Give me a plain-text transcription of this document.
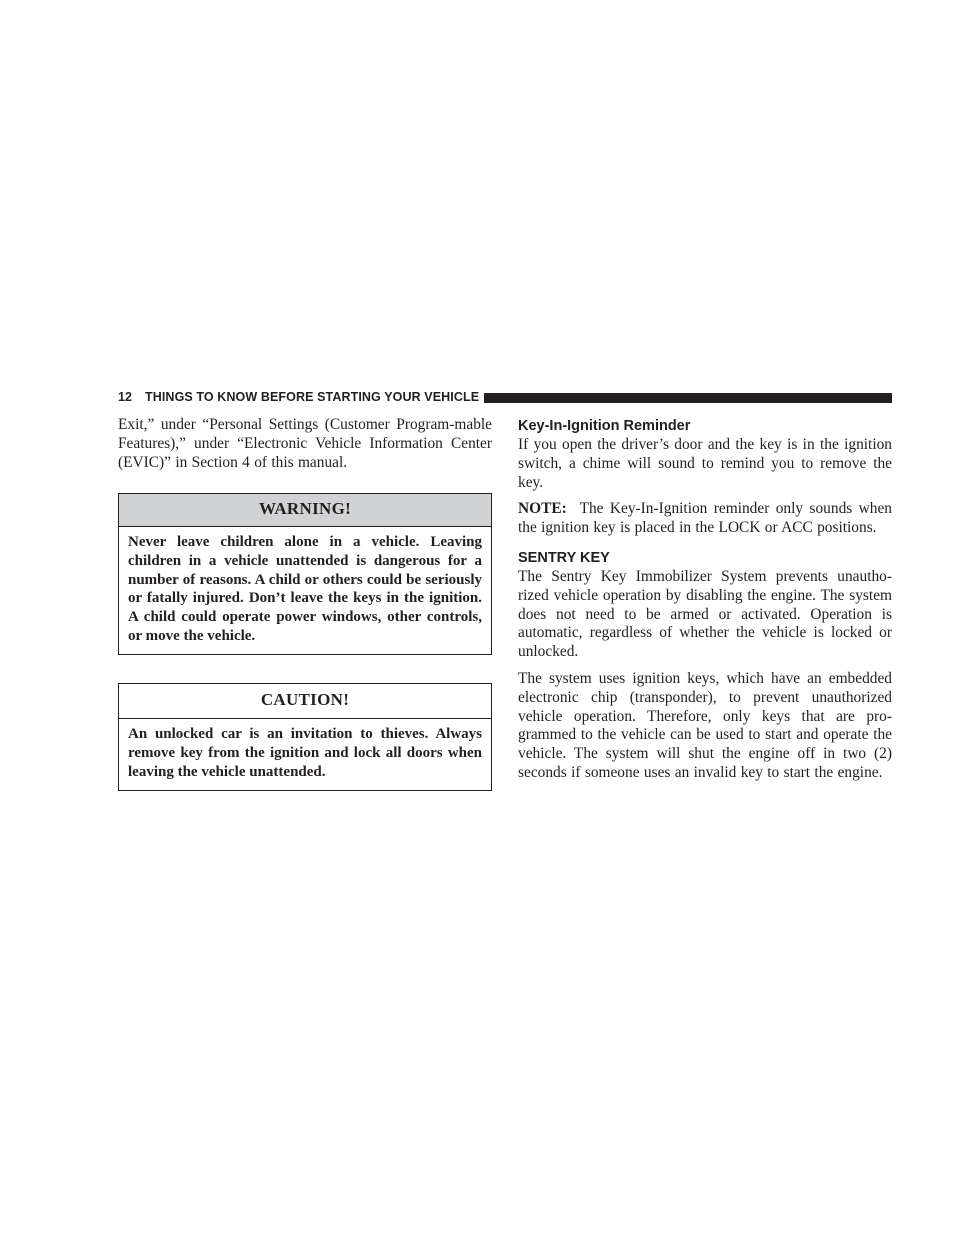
12 THINGS TO KNOW BEFORE STARTING YOUR VEHICLE

Exit,” under “Personal Settings (Customer Program-mable Features),” under “Electronic Vehicle Information Center (EVIC)” in Section 4 of this manual.

WARNING!
Never leave children alone in a vehicle. Leaving children in a vehicle unattended is dangerous for a number of reasons. A child or others could be seriously or fatally injured. Don’t leave the keys in the ignition. A child could operate power windows, other controls, or move the vehicle.
CAUTION!
An unlocked car is an invitation to thieves. Always remove key from the ignition and lock all doors when leaving the vehicle unattended.
Key-In-Ignition Reminder

If you open the driver’s door and the key is in the ignition switch, a chime will sound to remind you to remove the key.

NOTE: The Key-In-Ignition reminder only sounds when the ignition key is placed in the LOCK or ACC positions.

SENTRY KEY

The Sentry Key Immobilizer System prevents unautho-rized vehicle operation by disabling the engine. The system does not need to be armed or activated. Operation is automatic, regardless of whether the vehicle is locked or unlocked.

The system uses ignition keys, which have an embedded electronic chip (transponder), to prevent unauthorized vehicle operation. Therefore, only keys that are pro-grammed to the vehicle can be used to start and operate the vehicle. The system will shut the engine off in two (2) seconds if someone uses an invalid key to start the engine.
